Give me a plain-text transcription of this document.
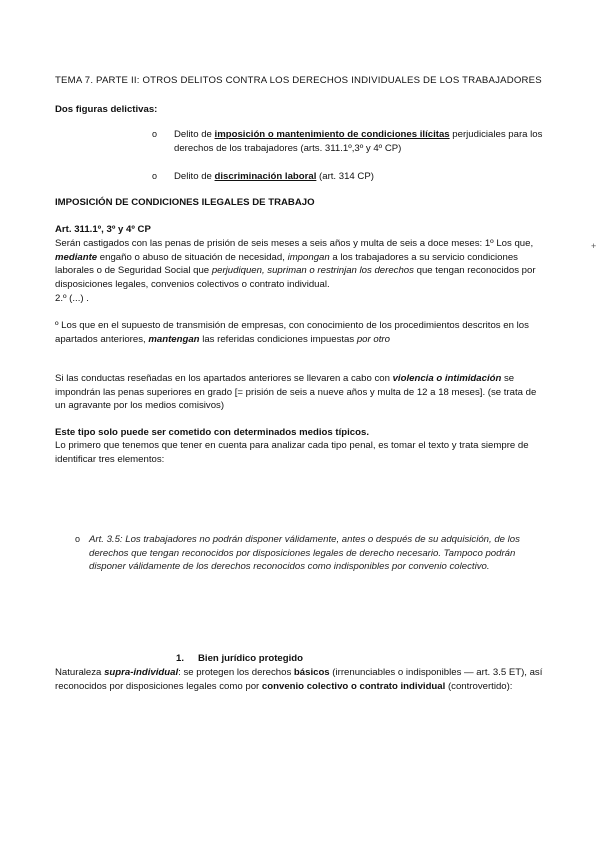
TEMA 7. PARTE II: OTROS DELITOS CONTRA LOS DERECHOS INDIVIDUALES DE LOS TRABAJADORES
Dos figuras delictivas:
o	Delito de imposición o mantenimiento de condiciones ilícitas perjudiciales para los derechos de los trabajadores (arts. 311.1º,3º y 4º CP)
o	Delito de discriminación laboral (art. 314 CP)
IMPOSICIÓN DE CONDICIONES ILEGALES DE TRABAJO
Art. 311.1º, 3º y 4º CP
Serán castigados con las penas de prisión de seis meses a seis años y multa de seis a doce meses: 1º Los que, mediante engaño o abuso de situación de necesidad, impongan a los trabajadores a su servicio condiciones laborales o de Seguridad Social que perjudiquen, supriman o restrinjan los derechos que tengan reconocidos por disposiciones legales, convenios colectivos o contrato individual.
2.º (...) .
º Los que en el supuesto de transmisión de empresas, con conocimiento de los procedimientos descritos en los apartados anteriores, mantengan las referidas condiciones impuestas por otro
Si las conductas reseñadas en los apartados anteriores se llevaren a cabo con violencia o intimidación se impondrán las penas superiores en grado [= prisión de seis a nueve años y multa de 12 a 18 meses]. (se trata de un agravante por los medios comisivos)
Este tipo solo puede ser cometido con determinados medios típicos.
Lo primero que tenemos que tener en cuenta para analizar cada tipo penal, es tomar el texto y trata siempre de identificar tres elementos:
1. Bien jurídico protegido
Naturaleza supra-individual: se protegen los derechos básicos (irrenunciables o indisponibles — art. 3.5 ET), así reconocidos por disposiciones legales como por convenio colectivo o contrato individual (controvertido):
o Art. 3.5: Los trabajadores no podrán disponer válidamente, antes o después de su adquisición, de los derechos que tengan reconocidos por disposiciones legales de derecho necesario. Tampoco podrán disponer válidamente de los derechos reconocidos como indisponibles por convenio colectivo.
+
